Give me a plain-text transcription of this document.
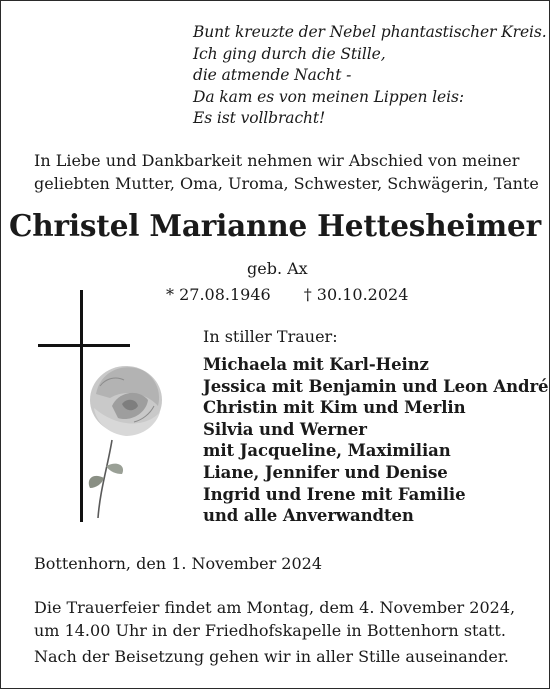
Bunt kreuzte der Nebel phantastischer Kreis.
Ich ging durch die Stille,
die atmende Nacht -
Da kam es von meinen Lippen leis:
Es ist vollbracht!
In Liebe und Dankbarkeit nehmen wir Abschied von meiner
geliebten Mutter, Oma, Uroma, Schwester, Schwägerin, Tante
Christel Marianne Hettesheimer
geb. Ax
* 27.08.1946 † 30.10.2024
In stiller Trauer:
Michaela mit Karl-Heinz
Jessica mit Benjamin und Leon André
Christin mit Kim und Merlin
Silvia und Werner
mit Jacqueline, Maximilian
Liane, Jennifer und Denise
Ingrid und Irene mit Familie
und alle Anverwandten
Bottenhorn, den 1. November 2024
Die Trauerfeier findet am Montag, dem 4. November 2024,
um 14.00 Uhr in der Friedhofskapelle in Bottenhorn statt.
Nach der Beisetzung gehen wir in aller Stille auseinander.
